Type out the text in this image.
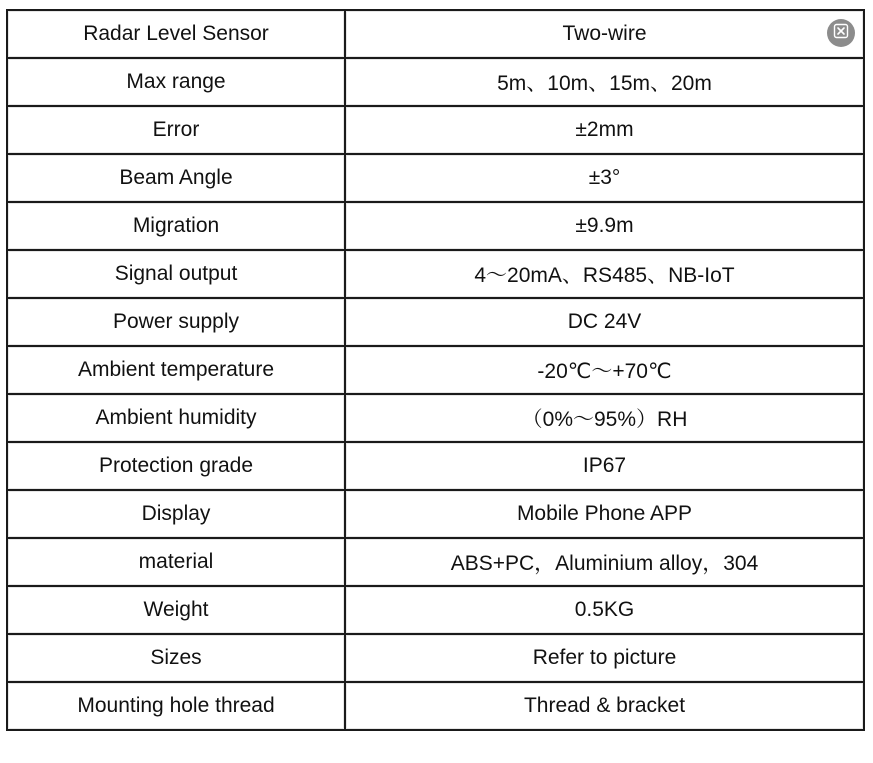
Radar Level Sensor	Two-wire
Max range	5m、10m、15m、20m
Error	±2mm
Beam Angle	±3°
Migration	±9.9m
Signal output	4～20mA、RS485、NB-IoT
Power supply	DC 24V
Ambient temperature	-20℃～+70℃
Ambient humidity	（0%～95%）RH
Protection grade	IP67
Display	Mobile Phone APP
material	ABS+PC，Aluminium alloy，304
Weight	0.5KG
Sizes	Refer to picture
Mounting hole thread	Thread & bracket
